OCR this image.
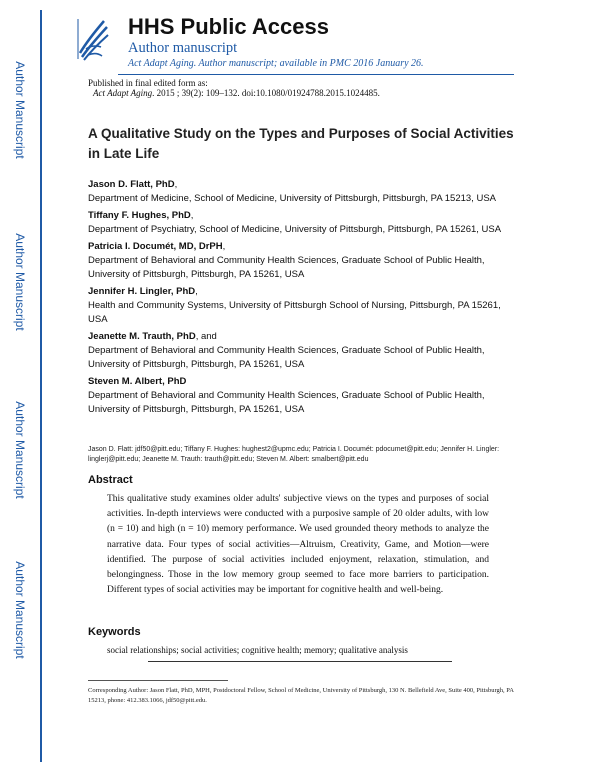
Author Manuscript
Author Manuscript
Author Manuscript
Author Manuscript
HHS Public Access
Author manuscript
Act Adapt Aging. Author manuscript; available in PMC 2016 January 26.
Published in final edited form as:
Act Adapt Aging. 2015 ; 39(2): 109–132. doi:10.1080/01924788.2015.1024485.
A Qualitative Study on the Types and Purposes of Social Activities in Late Life
Jason D. Flatt, PhD,
Department of Medicine, School of Medicine, University of Pittsburgh, Pittsburgh, PA 15213, USA
Tiffany F. Hughes, PhD,
Department of Psychiatry, School of Medicine, University of Pittsburgh, Pittsburgh, PA 15261, USA
Patricia I. Documét, MD, DrPH,
Department of Behavioral and Community Health Sciences, Graduate School of Public Health, University of Pittsburgh, Pittsburgh, PA 15261, USA
Jennifer H. Lingler, PhD,
Health and Community Systems, University of Pittsburgh School of Nursing, Pittsburgh, PA 15261, USA
Jeanette M. Trauth, PhD, and
Department of Behavioral and Community Health Sciences, Graduate School of Public Health, University of Pittsburgh, Pittsburgh, PA 15261, USA
Steven M. Albert, PhD
Department of Behavioral and Community Health Sciences, Graduate School of Public Health, University of Pittsburgh, Pittsburgh, PA 15261, USA
Jason D. Flatt: jdf50@pitt.edu; Tiffany F. Hughes: hughest2@upmc.edu; Patricia I. Documét: pdocumet@pitt.edu; Jennifer H. Lingler: linglerj@pitt.edu; Jeanette M. Trauth: trauth@pitt.edu; Steven M. Albert: smalbert@pitt.edu
Abstract
This qualitative study examines older adults' subjective views on the types and purposes of social activities. In-depth interviews were conducted with a purposive sample of 20 older adults, with low (n = 10) and high (n = 10) memory performance. We used grounded theory methods to analyze the narrative data. Four types of social activities—Altruism, Creativity, Game, and Motion—were identified. The purpose of social activities included enjoyment, relaxation, stimulation, and belongingness. Those in the low memory group seemed to face more barriers to participation. Different types of social activities may be important for cognitive health and well-being.
Keywords
social relationships; social activities; cognitive health; memory; qualitative analysis
Corresponding Author: Jason Flatt, PhD, MPH, Postdoctoral Fellow, School of Medicine, University of Pittsburgh, 130 N. Bellefield Ave, Suite 400, Pittsburgh, PA 15213, phone: 412.383.1066, jdf50@pitt.edu.
